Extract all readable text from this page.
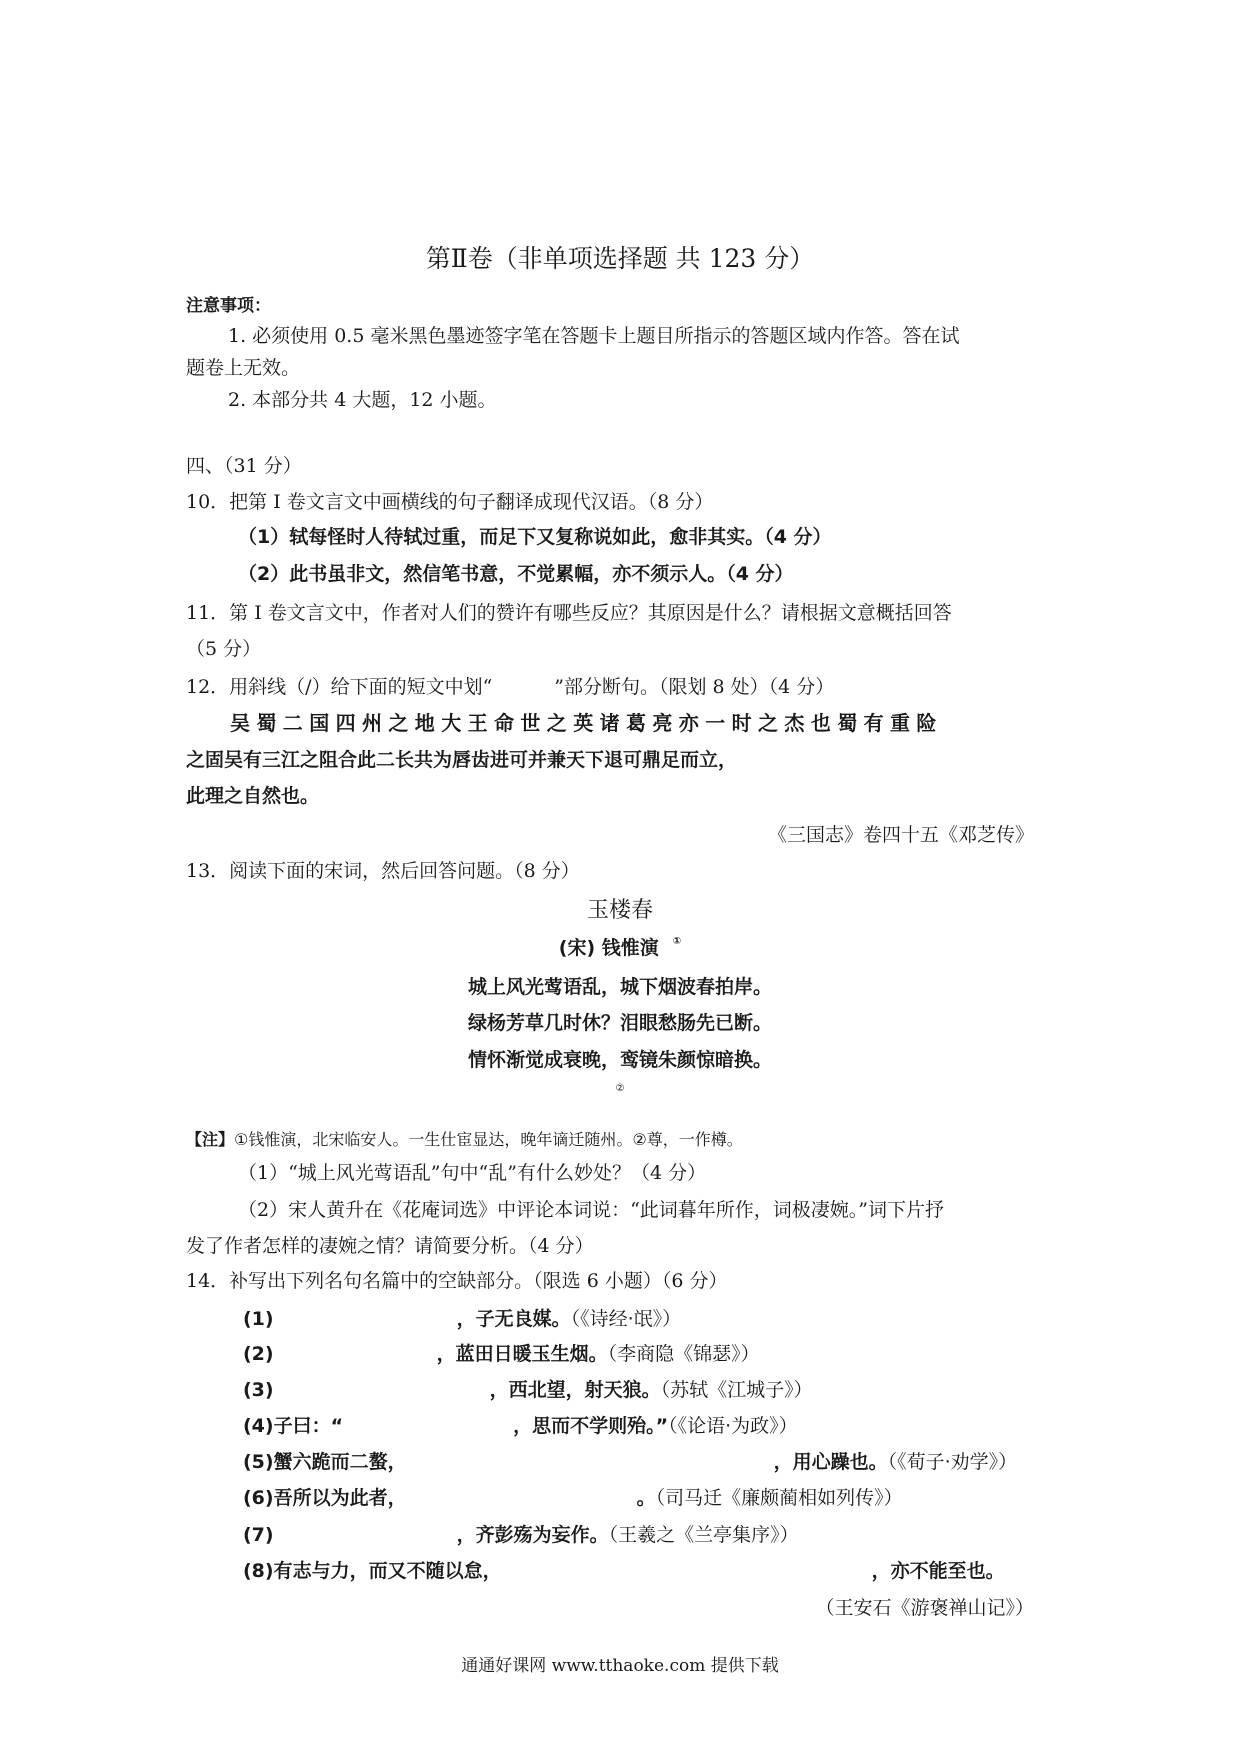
第Ⅱ卷（非单项选择题 共 123 分）
注意事项：
1. 必须使用 0.5 毫米黑色墨迹签字笔在答题卡上题目所指示的答题区域内作答。答在试
题卷上无效。
2. 本部分共 4 大题，12 小题。
四、（31 分）
10．把第 Ⅰ 卷文言文中画横线的句子翻译成现代汉语。（8 分）
（1）轼每怪时人待轼过重，而足下又复称说如此，愈非其实。（4 分）
（2）此书虽非文，然信笔书意，不觉累幅，亦不须示人。（4 分）
11．第 Ⅰ 卷文言文中，作者对人们的赞许有哪些反应？其原因是什么？请根据文意概括回答
（5 分）
12．用斜线（/）给下面的短文中划“	”部分断句。（限划 8 处）（4 分）
吴蜀二国四州之地大王命世之英诸葛亮亦一时之杰也蜀有重险
之固吴有三江之阻合此二长共为唇齿进可并兼天下退可鼎足而立，
此理之自然也。
《三国志》卷四十五《邓芝传》
13．阅读下面的宋词，然后回答问题。（8 分）
玉楼春
(宋) 钱惟演 ①
城上风光莺语乱，城下烟波春拍岸。
绿杨芳草几时休？泪眼愁肠先已断。
情怀渐觉成衰晚，鸾镜朱颜惊暗换。
②
【注】①钱惟演，北宋临安人。一生仕宦显达，晚年谪迁随州。②尊，一作樽。
（1）“城上风光莺语乱”句中“乱”有什么妙处？（4 分）
（2）宋人黄升在《花庵词选》中评论本词说：“此词暮年所作，词极凄婉。”词下片抒
发了作者怎样的凄婉之情？请简要分析。（4 分）
14．补写出下列名句名篇中的空缺部分。（限选 6 小题）（6 分）
(1)	，子无良媒。（《诗经·氓》）
(2)	，蓝田日暖玉生烟。（李商隐《锦瑟》）
(3)	，西北望，射天狼。（苏轼《江城子》）
(4)子曰：“	，思而不学则殆。”（《论语·为政》）
(5)蟹六跪而二螯，	，用心躁也。（《荀子·劝学》）
(6)吾所以为此者，	。（司马迁《廉颇蔺相如列传》）
(7)	，齐彭殇为妄作。（王羲之《兰亭集序》）
(8)有志与力，而又不随以怠，	，亦不能至也。
（王安石《游褒禅山记》）
通通好课网 www.tthaoke.com 提供下载
